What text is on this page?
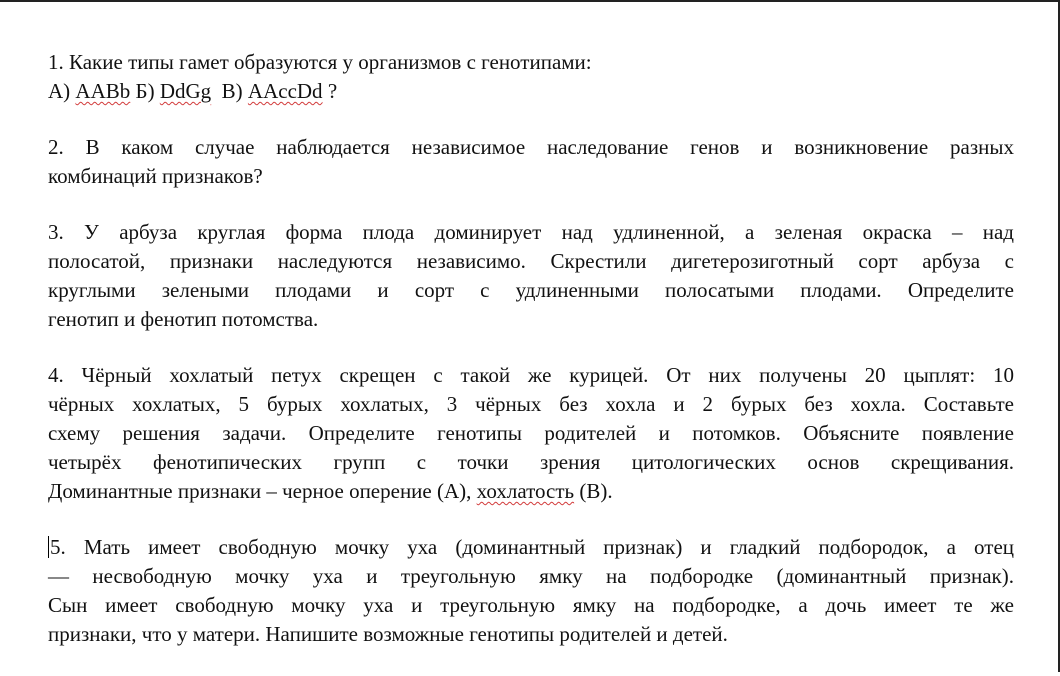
1. Какие типы гамет образуются у организмов с генотипами:
А) AABb Б) DdGg  В) AAccDd ?
2. В каком случае наблюдается независимое наследование генов и возникновение разных
комбинаций признаков?
3. У арбуза круглая форма плода доминирует над удлиненной, а зеленая окраска – над
полосатой, признаки наследуются независимо. Скрестили дигетерозиготный сорт арбуза с
круглыми зелеными плодами и сорт с удлиненными полосатыми плодами. Определите
генотип и фенотип потомства.
4. Чёрный хохлатый петух скрещен с такой же курицей. От них получены 20 цыплят: 10
чёрных хохлатых, 5 бурых хохлатых, 3 чёрных без хохла и 2 бурых без хохла. Составьте
схему решения задачи. Определите генотипы родителей и потомков. Объясните появление
четырёх фенотипических групп с точки зрения цитологических основ скрещивания.
Доминантные признаки – черное оперение (А), хохлатость (В).
5. Мать имеет свободную мочку уха (доминантный признак) и гладкий подбородок, а отец
— несвободную мочку уха и треугольную ямку на подбородке (доминантный признак).
Сын имеет свободную мочку уха и треугольную ямку на подбородке, а дочь имеет те же
признаки, что у матери. Напишите возможные генотипы родителей и детей.
